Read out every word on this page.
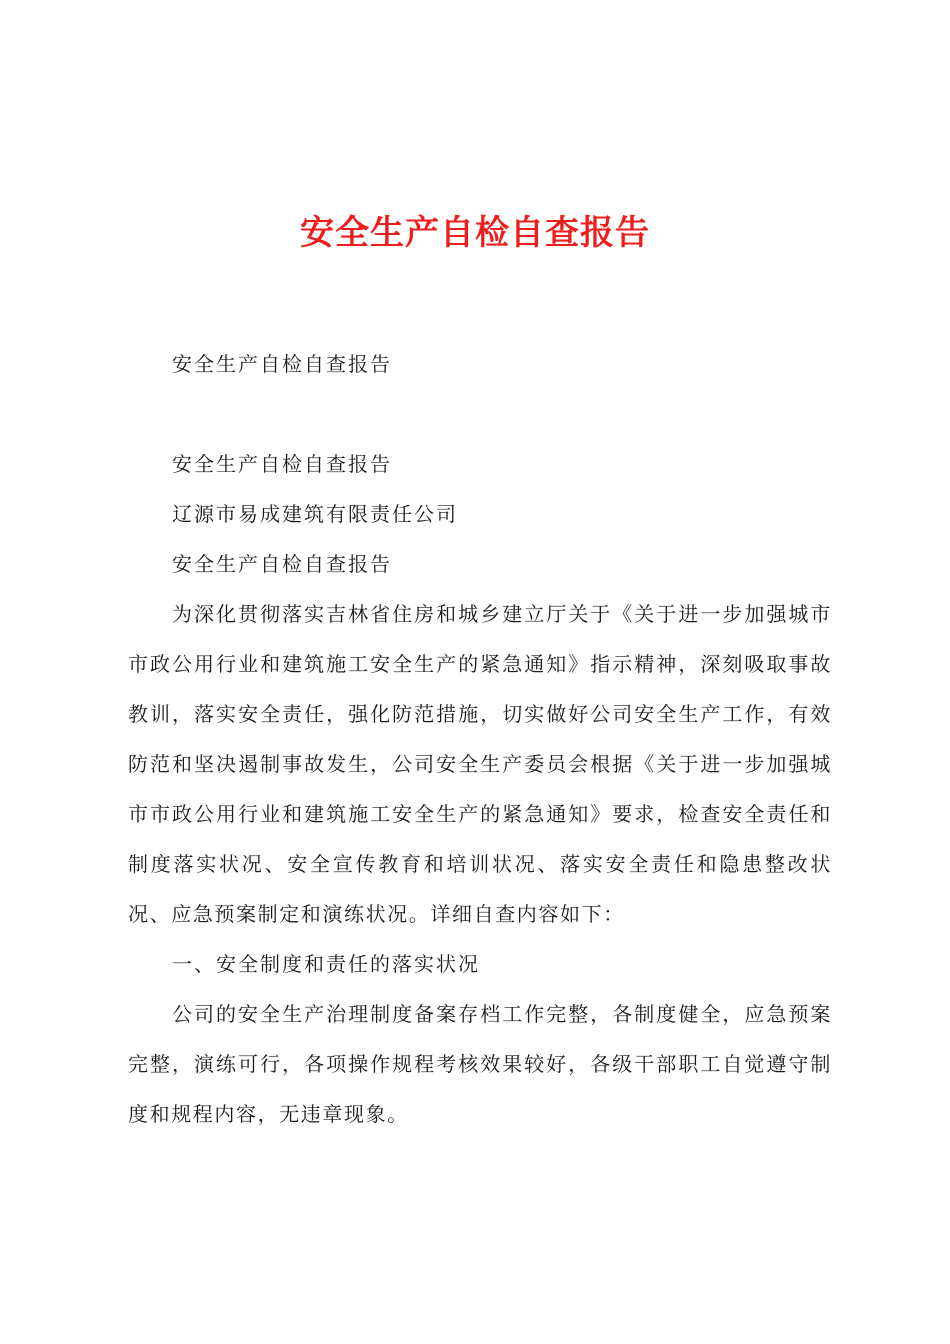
安全生产自检自查报告
安全生产自检自查报告
安全生产自检自查报告
辽源市易成建筑有限责任公司
安全生产自检自查报告

为深化贯彻落实吉林省住房和城乡建立厅关于《关于进一步加强城市市政公用行业和建筑施工安全生产的紧急通知》指示精神，深刻吸取事故教训，落实安全责任，强化防范措施，切实做好公司安全生产工作，有效防范和坚决遏制事故发生，公司安全生产委员会根据《关于进一步加强城市市政公用行业和建筑施工安全生产的紧急通知》要求，检查安全责任和制度落实状况、安全宣传教育和培训状况、落实安全责任和隐患整改状况、应急预案制定和演练状况。详细自查内容如下：

一、安全制度和责任的落实状况

公司的安全生产治理制度备案存档工作完整，各制度健全，应急预案完整，演练可行，各项操作规程考核效果较好，各级干部职工自觉遵守制度和规程内容，无违章现象。
